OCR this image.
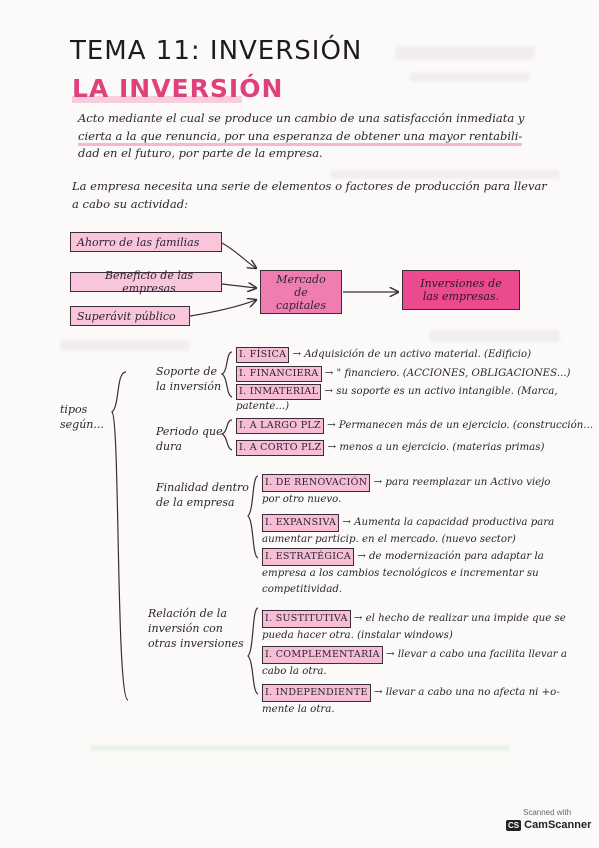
TEMA 11: INVERSIÓN
LA INVERSIÓN
Acto mediante el cual se produce un cambio de una satisfacción inmediata y
cierta a la que renuncia, por una esperanza de obtener una mayor rentabili-
dad en el futuro, por parte de la empresa.
La empresa necesita una serie de elementos o factores de producción para llevar
a cabo su actividad:
Ahorro de las familias
Beneficio de las empresas
Superávit público
Mercado de capitales
Inversiones de las empresas.
tipos según...
Soporte de la inversión
I. FÍSICA → Adquisición de un activo material. (Edificio)
I. FINANCIERA → " financiero. (ACCIONES, OBLIGACIONES...)
I. INMATERIAL → su soporte es un activo intangible. (Marca, patente...)
Periodo que dura
I. A LARGO PLZ → Permanecen más de un ejercicio. (construcción...
I. A CORTO PLZ → menos a un ejercicio. (materias primas)
Finalidad dentro de la empresa
I. DE RENOVACIÓN → para reemplazar un Activo viejo por otro nuevo.
I. EXPANSIVA → Aumenta la capacidad productiva para aumentar particip. en el mercado. (nuevo sector)
I. ESTRATÉGICA → de modernización para adaptar la empresa a los cambios tecnológicos e incrementar su competitividad.
Relación de la inversión con otras inversiones
I. SUSTITUTIVA → el hecho de realizar una impide que se pueda hacer otra. (instalar windows)
I. COMPLEMENTARIA → llevar a cabo una facilita llevar a cabo la otra.
I. INDEPENDIENTE → llevar a cabo una no afecta ni +o- mente la otra.
Scanned with
CS CamScanner
